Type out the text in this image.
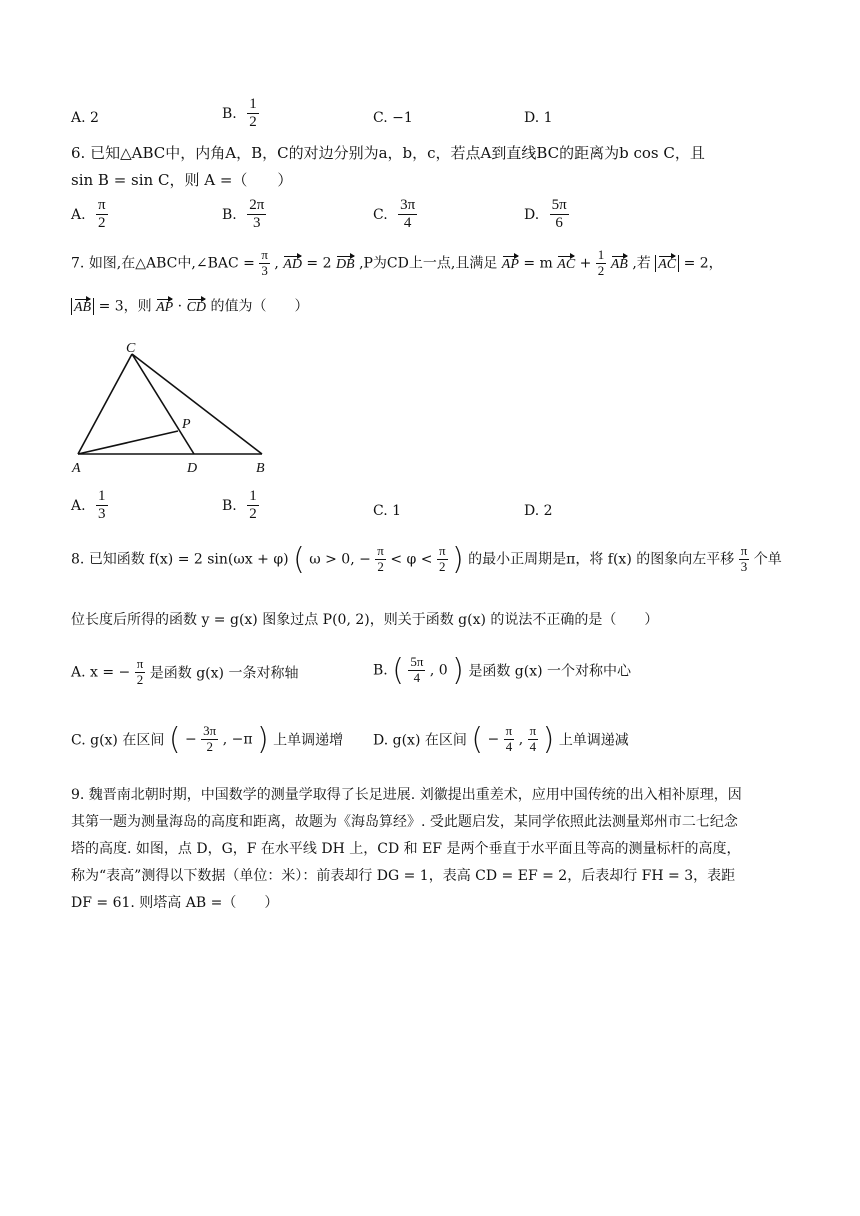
A. 2	B. $\frac{1}{2}$	C. −1	D. 1
6. 已知△ABC中，内角A，B，C的对边分别为a，b，c，若点A到直线BC的距离为b cos C，且
sin B = sin C，则 A =（　　）
A. $\frac{\pi}{2}$	B. $\frac{2\pi}{3}$	C. $\frac{3\pi}{4}$	D. $\frac{5\pi}{6}$
7. 如图,在△ABC中,∠BAC = $\frac{\pi}{3}$ , AD = 2 DB ,P为CD上一点,且满足 AP = m AC + $\frac{1}{2}$ AB ,若 AC = 2，
AB = 3，则 AP · CD 的值为（　　）
C
P
A	D	B
A. $\frac{1}{3}$	B. $\frac{1}{2}$	C. 1	D. 2
8. 已知函数 f(x) = 2 sin(ωx + φ) ( ω > 0, − $\frac{\pi}{2} < \varphi < \frac{\pi}{2}$ ) 的最小正周期是π，将 f(x) 的图象向左平移 $\frac{\pi}{3}$ 个单
位长度后所得的函数 y = g(x) 图象过点 P(0, 2)，则关于函数 g(x) 的说法不正确的是（　　）
A. x = − $\frac{\pi}{2}$ 是函数 g(x) 一条对称轴	B. ( $\frac{5\pi}{4}$ , 0 ) 是函数 g(x) 一个对称中心
C. g(x) 在区间 ( − $\frac{3\pi}{2}$ , −π ) 上单调递增 D. g(x) 在区间 ( − $\frac{\pi}{4}$ , $\frac{\pi}{4}$ ) 上单调递减
9. 魏晋南北朝时期，中国数学的测量学取得了长足进展. 刘徽提出重差术，应用中国传统的出入相补原理，因
其第一题为测量海岛的高度和距离，故题为《海岛算经》. 受此题启发，某同学依照此法测量郑州市二七纪念
塔的高度. 如图，点 D，G，F 在水平线 DH 上，CD 和 EF 是两个垂直于水平面且等高的测量标杆的高度，
称为“表高”测得以下数据（单位：米）：前表却行 DG = 1，表高 CD = EF = 2，后表却行 FH = 3，表距
DF = 61. 则塔高 AB =（　　）
